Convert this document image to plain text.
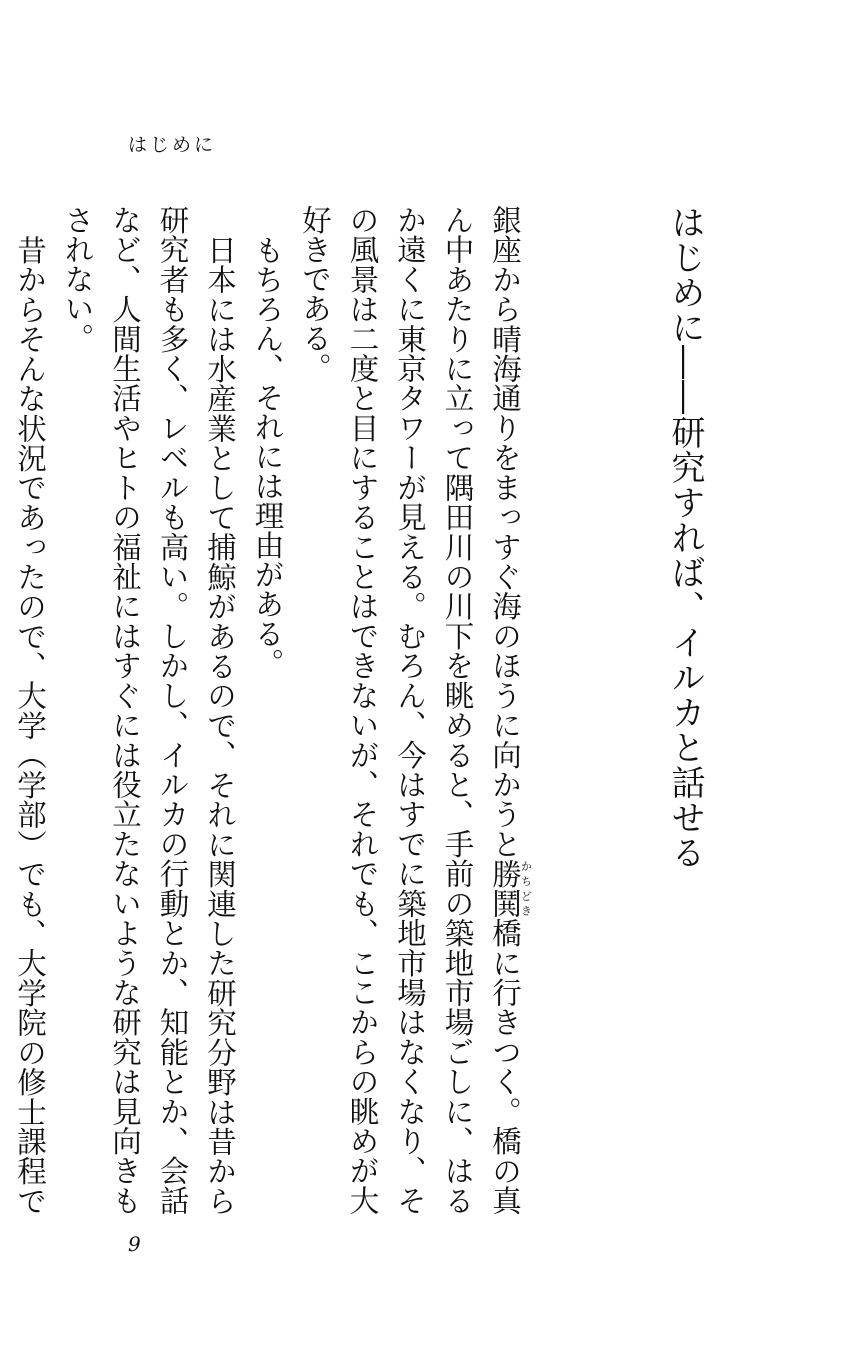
はじめに
はじめに――研究すれば、イルカと話せる

銀座から晴海通りをまっすぐ海のほうに向かうと勝鬨かちどき橋に行きつく。橋の真ん中あたりに立って隅田川の川下を眺めると、手前の築地市場ごしに、はるか遠くに東京タワーが見える。むろん、今はすでに築地市場はなくなり、その風景は二度と目にすることはできないが、それでも、ここからの眺めが大好きである。

もちろん、それには理由がある。

日本には水産業として捕鯨があるので、それに関連した研究分野は昔から研究者も多く、レベルも高い。しかし、イルカの行動とか、知能とか、会話など、人間生活やヒトの福祉にはすぐには役立たないような研究は見向きもされない。

昔からそんな状況であったので、大学（学部）でも、大学院の修士課程で

9
